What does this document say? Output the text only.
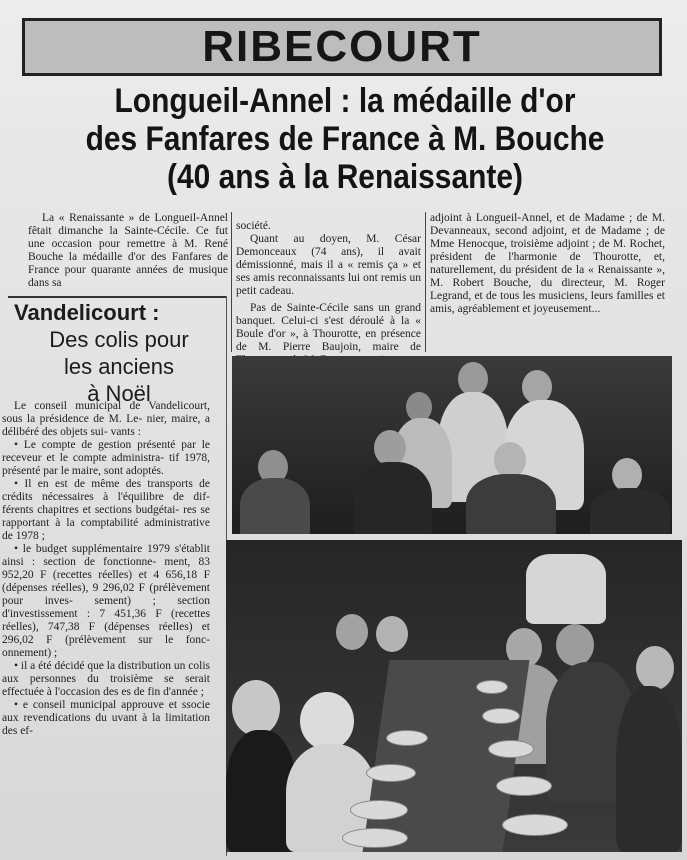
RIBECOURT
Longueil-Annel : la médaille d'or
des Fanfares de France à M. Bouche
(40 ans à la Renaissante)
La « Renaissante » de Longueil-Annel fêtait dimanche la Sainte-Cécile. Ce fut une occasion pour remettre à M. René Bouche la médaille d'or des Fanfares de France pour quarante années de musique dans sa
société.
Quant au doyen, M. César Demonceaux (74 ans), il avait démissionné, mais il a « remis ça » et ses amis reconnaissants lui ont remis un petit cadeau.
Pas de Sainte-Cécile sans un grand banquet. Celui-ci s'est déroulé à la « Boule d'or », à Thourotte, en présence de M. Pierre Baujoin, maire de
adjoint à Longueil-Annel, et de Madame ; de M. Devanneaux, second adjoint, et de Madame ; de Mme Henocque, troisième adjoint ; de M. Rochet, président de l'harmonie de Thourotte, et, naturellement, du président de la « Renaissante », M. Robert Bouche, du directeur, M. Roger Legrand, et de tous les musiciens, leurs familles et amis, agréablement et joyeusement...
Vandelicourt :
Des colis pour
les anciens
à Noël

Le conseil municipal de Vandelicourt, sous la présidence de M. Le- nier, maire, a délibéré des objets sui- vants :

• Le compte de gestion présenté par le receveur et le compte administra- tif 1978, présenté par le maire, sont adoptés.

• Il en est de même des transports de crédits nécessaires à l'équilibre de dif- férents chapitres et sections budgétai- res se rapportant à la comptabilité administrative de 1978 ;

• le budget supplémentaire 1979 s'établit ainsi : section de fonctionne- ment, 83 952,20 F (recettes réelles) et 4 656,18 F (dépenses réelles), 9 296,02 F (prélèvement pour inves- sement) ; section d'investissement : 7 451,36 F (recettes réelles), 747,38 F (dépenses réelles) et 296,02 F (prélèvement sur le fonc- onnement) ;

• il a été décidé que la distribution un colis aux personnes du troisième se serait effectuée à l'occasion des es de fin d'année ;

• e conseil municipal approuve et ssocie aux revendications du uvant à la limitation des ef-
